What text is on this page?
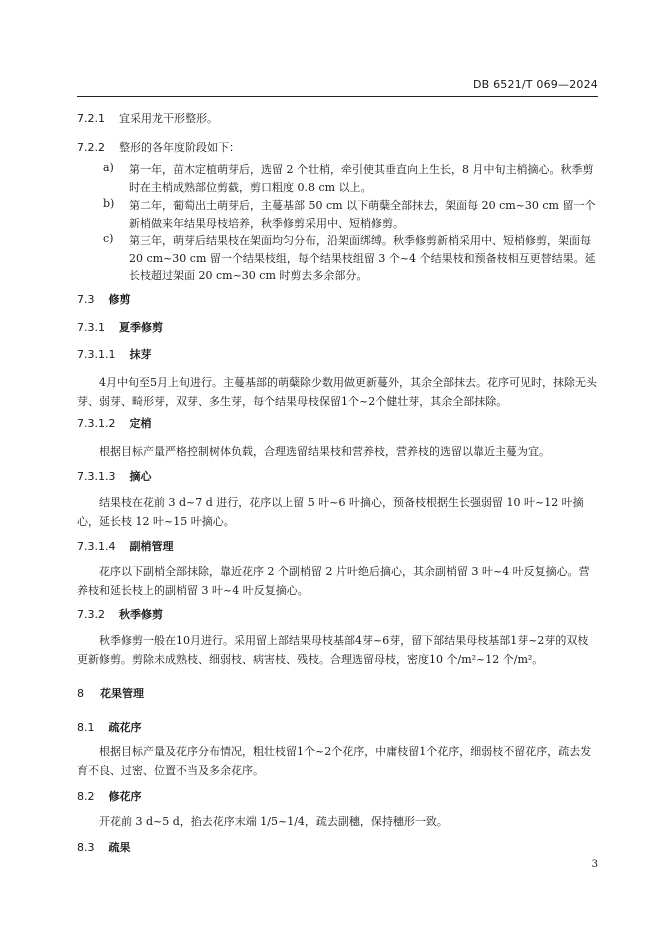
DB 6521/T 069—2024
7.2.1 宜采用龙干形整形。
7.2.2 整形的各年度阶段如下：
a) 第一年，苗木定植萌芽后，选留 2 个壮梢，牵引使其垂直向上生长，8 月中旬主梢摘心。秋季剪时在主梢成熟部位剪截，剪口粗度 0.8 cm 以上。
b) 第二年，葡萄出土萌芽后，主蔓基部 50 cm 以下萌蘖全部抹去，架面每 20 cm~30 cm 留一个新梢做来年结果母枝培养，秋季修剪采用中、短梢修剪。
c) 第三年，萌芽后结果枝在架面均匀分布，沿架面绑缚。秋季修剪新梢采用中、短梢修剪，架面每 20 cm~30 cm 留一个结果枝组，每个结果枝组留 3 个~4 个结果枝和预备枝相互更替结果。延长枝超过架面 20 cm~30 cm 时剪去多余部分。
7.3 修剪
7.3.1 夏季修剪
7.3.1.1 抹芽
4月中旬至5月上旬进行。主蔓基部的萌蘖除少数用做更新蔓外，其余全部抹去。花序可见时，抹除无头芽、弱芽、畸形芽，双芽、多生芽，每个结果母枝保留1个~2个健壮芽，其余全部抹除。
7.3.1.2 定梢
根据目标产量严格控制树体负载，合理选留结果枝和营养枝，营养枝的选留以靠近主蔓为宜。
7.3.1.3 摘心
结果枝在花前 3 d~7 d 进行，花序以上留 5 叶~6 叶摘心，预备枝根据生长强弱留 10 叶~12 叶摘心，延长枝 12 叶~15 叶摘心。
7.3.1.4 副梢管理
花序以下副梢全部抹除，靠近花序 2 个副梢留 2 片叶绝后摘心，其余副梢留 3 叶~4 叶反复摘心。营养枝和延长枝上的副梢留 3 叶~4 叶反复摘心。
7.3.2 秋季修剪
秋季修剪一般在10月进行。采用留上部结果母枝基部4芽~6芽，留下部结果母枝基部1芽~2芽的双枝更新修剪。剪除未成熟枝、细弱枝、病害枝、残枝。合理选留母枝，密度10 个/m²~12 个/m²。
8 花果管理
8.1 疏花序
根据目标产量及花序分布情况，粗壮枝留1个~2个花序，中庸枝留1个花序，细弱枝不留花序，疏去发育不良、过密、位置不当及多余花序。
8.2 修花序
开花前 3 d~5 d，掐去花序末端 1/5~1/4，疏去副穗，保持穗形一致。
8.3 疏果
3
